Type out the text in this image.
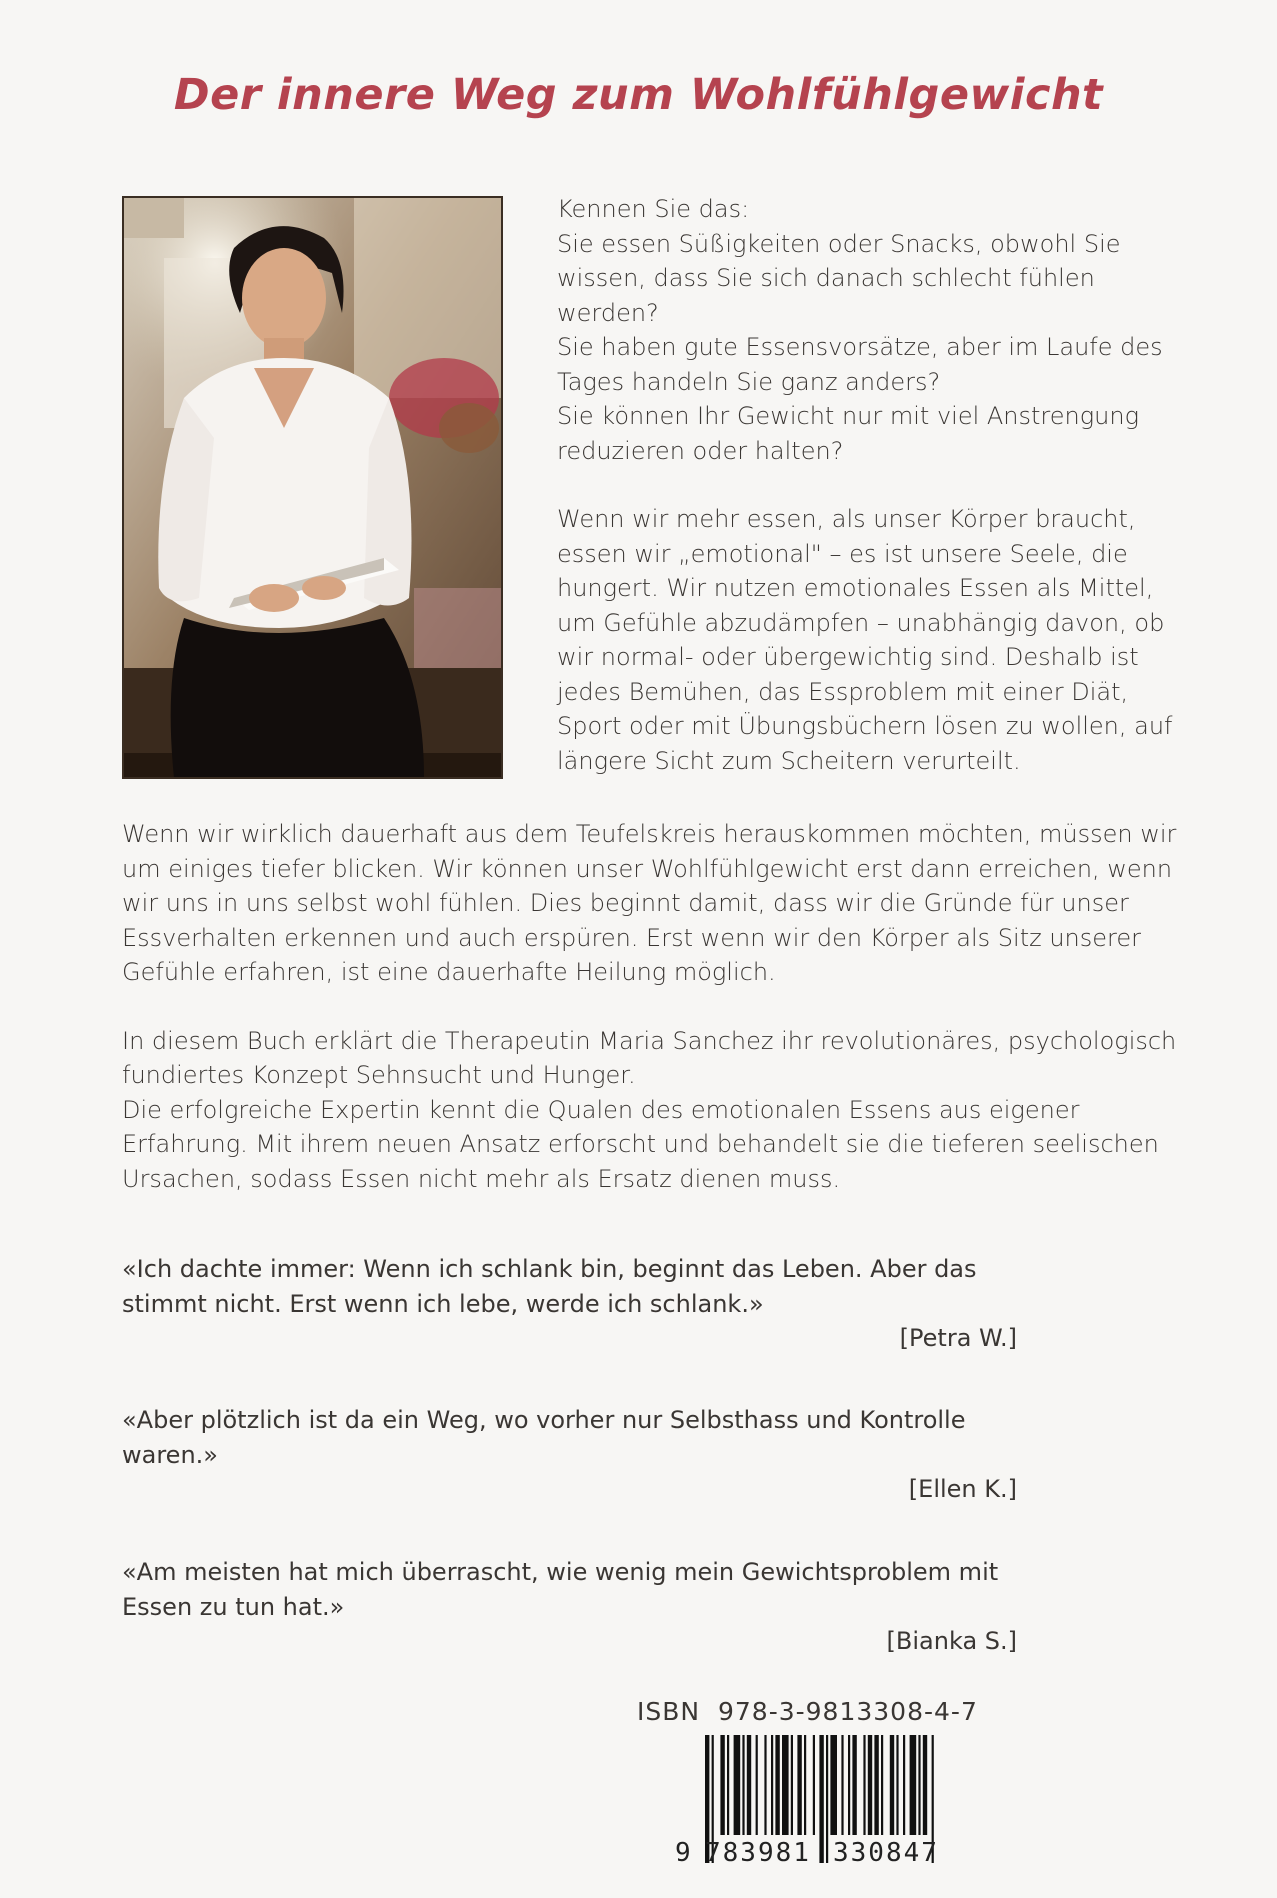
Der innere Weg zum Wohlfühlgewicht

Kennen Sie das:
Sie essen Süßigkeiten oder Snacks, obwohl Sie wissen, dass Sie sich danach schlecht fühlen werden?
Sie haben gute Essensvorsätze, aber im Laufe des Tages handeln Sie ganz anders?
Sie können Ihr Gewicht nur mit viel Anstrengung reduzieren oder halten?

Wenn wir mehr essen, als unser Körper braucht, essen wir „emotional" – es ist unsere Seele, die hungert. Wir nutzen emotionales Essen als Mittel, um Gefühle abzudämpfen – unabhängig davon, ob wir normal- oder übergewichtig sind. Deshalb ist jedes Bemühen, das Essproblem mit einer Diät, Sport oder mit Übungsbüchern lösen zu wollen, auf längere Sicht zum Scheitern verurteilt.

Wenn wir wirklich dauerhaft aus dem Teufelskreis herauskommen möchten, müssen wir um einiges tiefer blicken. Wir können unser Wohlfühlgewicht erst dann erreichen, wenn wir uns in uns selbst wohl fühlen. Dies beginnt damit, dass wir die Gründe für unser Essverhalten erkennen und auch erspüren. Erst wenn wir den Körper als Sitz unserer Gefühle erfahren, ist eine dauerhafte Heilung möglich.

In diesem Buch erklärt die Therapeutin Maria Sanchez ihr revolutionäres, psychologisch fundiertes Konzept Sehnsucht und Hunger.

Die erfolgreiche Expertin kennt die Qualen des emotionalen Essens aus eigener Erfahrung. Mit ihrem neuen Ansatz erforscht und behandelt sie die tieferen seelischen Ursachen, sodass Essen nicht mehr als Ersatz dienen muss.

«Ich dachte immer: Wenn ich schlank bin, beginnt das Leben. Aber das stimmt nicht. Erst wenn ich lebe, werde ich schlank.»
[Petra W.]
«Aber plötzlich ist da ein Weg, wo vorher nur Selbsthass und Kontrolle waren.»
[Ellen K.]
«Am meisten hat mich überrascht, wie wenig mein Gewichtsproblem mit Essen zu tun hat.»
[Bianka S.]
ISBN  978-3-9813308-4-7
9 783981 330847
